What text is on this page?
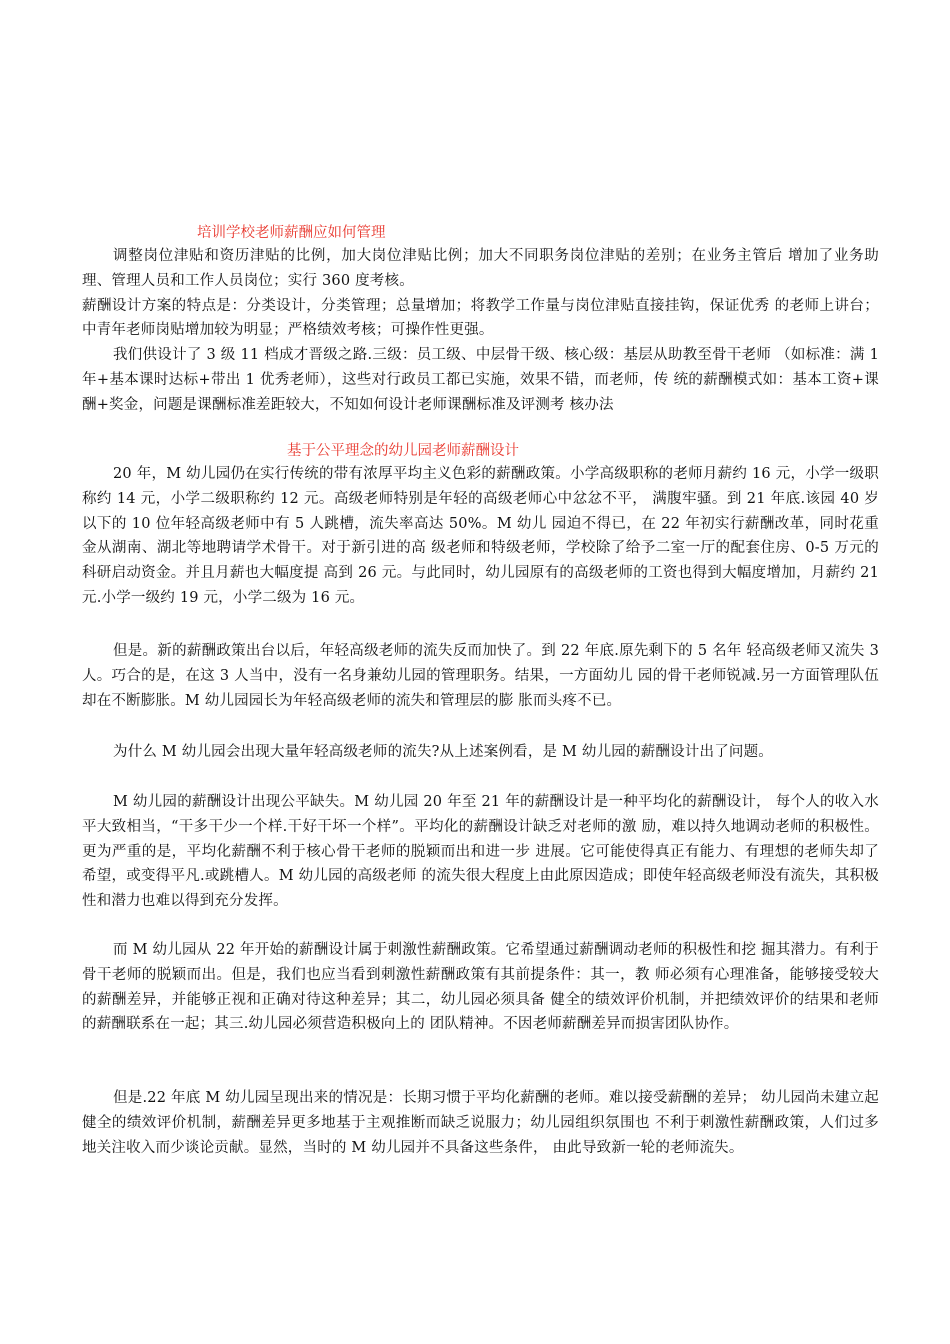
培训学校老师薪酬应如何管理

调整岗位津贴和资历津贴的比例，加大岗位津贴比例；加大不同职务岗位津贴的差别；在业务主管后 增加了业务助理、管理人员和工作人员岗位；实行 360 度考核。

薪酬设计方案的特点是：分类设计，分类管理；总量增加；将教学工作量与岗位津贴直接挂钩，保证优秀 的老师上讲台；中青年老师岗贴增加较为明显；严格绩效考核；可操作性更强。

我们供设计了 3 级 11 档成才晋级之路.三级：员工级、中层骨干级、核心级：基层从助教至骨干老师 （如标准：满 1 年+基本课时达标+带出 1 优秀老师），这些对行政员工都已实施，效果不错，而老师，传 统的薪酬模式如：基本工资+课酬+奖金，问题是课酬标准差距较大，不知如何设计老师课酬标准及评测考 核办法

基于公平理念的幼儿园老师薪酬设计

20 年，M 幼儿园仍在实行传统的带有浓厚平均主义色彩的薪酬政策。小学高级职称的老师月薪约 16 元，小学一级职称约 14 元，小学二级职称约 12 元。高级老师特别是年轻的高级老师心中忿忿不平， 满腹牢骚。到 21 年底.该园 40 岁以下的 10 位年轻高级老师中有 5 人跳槽，流失率高达 50%。M 幼儿 园迫不得已，在 22 年初实行薪酬改革，同时花重金从湖南、湖北等地聘请学术骨干。对于新引进的高 级老师和特级老师，学校除了给予二室一厅的配套住房、0-5 万元的科研启动资金。并且月薪也大幅度提 高到 26 元。与此同时，幼儿园原有的高级老师的工资也得到大幅度增加，月薪约 21 元.小学一级约 19 元，小学二级为 16 元。

但是。新的薪酬政策出台以后，年轻高级老师的流失反而加快了。到 22 年底.原先剩下的 5 名年 轻高级老师又流失 3 人。巧合的是，在这 3 人当中，没有一名身兼幼儿园的管理职务。结果，一方面幼儿 园的骨干老师锐减.另一方面管理队伍却在不断膨胀。M 幼儿园园长为年轻高级老师的流失和管理层的膨 胀而头疼不已。

为什么 M 幼儿园会出现大量年轻高级老师的流失?从上述案例看，是 M 幼儿园的薪酬设计出了问题。

M 幼儿园的薪酬设计出现公平缺失。M 幼儿园 20 年至 21 年的薪酬设计是一种平均化的薪酬设计， 每个人的收入水平大致相当，“干多干少一个样.干好干坏一个样”。平均化的薪酬设计缺乏对老师的激 励，难以持久地调动老师的积极性。更为严重的是，平均化薪酬不利于核心骨干老师的脱颖而出和进一步 进展。它可能使得真正有能力、有理想的老师失却了希望，或变得平凡.或跳槽人。M 幼儿园的高级老师 的流失很大程度上由此原因造成；即使年轻高级老师没有流失，其积极性和潜力也难以得到充分发挥。

而 M 幼儿园从 22 年开始的薪酬设计属于刺激性薪酬政策。它希望通过薪酬调动老师的积极性和挖 掘其潜力。有利于骨干老师的脱颖而出。但是，我们也应当看到刺激性薪酬政策有其前提条件：其一，教 师必须有心理准备，能够接受较大的薪酬差异，并能够正视和正确对待这种差异；其二，幼儿园必须具备 健全的绩效评价机制，并把绩效评价的结果和老师的薪酬联系在一起；其三.幼儿园必须营造积极向上的 团队精神。不因老师薪酬差异而损害团队协作。

但是.22 年底 M 幼儿园呈现出来的情况是：长期习惯于平均化薪酬的老师。难以接受薪酬的差异； 幼儿园尚未建立起健全的绩效评价机制，薪酬差异更多地基于主观推断而缺乏说服力；幼儿园组织氛围也 不利于刺激性薪酬政策，人们过多地关注收入而少谈论贡献。显然，当时的 M 幼儿园并不具备这些条件， 由此导致新一轮的老师流失。
